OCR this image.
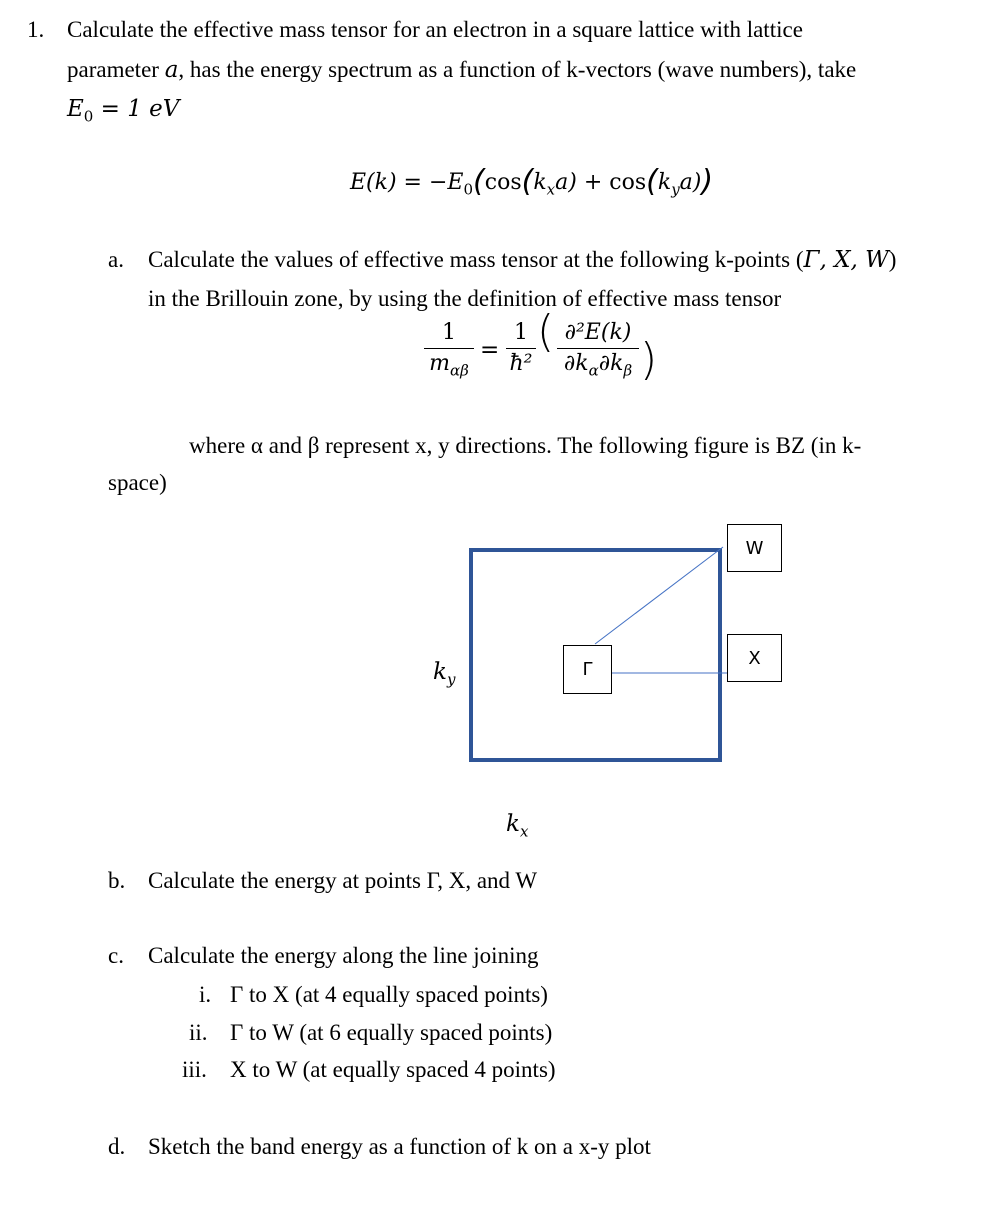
1. Calculate the effective mass tensor for an electron in a square lattice with lattice
parameter a, has the energy spectrum as a function of k-vectors (wave numbers), take
$E_0 = 1$ eV
$E(k) = -E_0(\cos(k_xa) + \cos(k_ya))$
a. Calculate the values of effective mass tensor at the following k-points (Γ, X, W)
in the Brillouin zone, by using the definition of effective mass tensor
1
$m_{\alpha\beta}$
=
1
ħ²
( ∂²E(k)
$\partial k_\alpha\partial k_\beta$ )
where α and β represent x, y directions. The following figure is BZ (in k-
space)
Γ
W
X
$k_y$
$k_x$
b. Calculate the energy at points Γ, X, and W
c. Calculate the energy along the line joining
i. Γ to X (at 4 equally spaced points)
ii. Γ to W (at 6 equally spaced points)
iii. X to W (at equally spaced 4 points)
d. Sketch the band energy as a function of k on a x-y plot
